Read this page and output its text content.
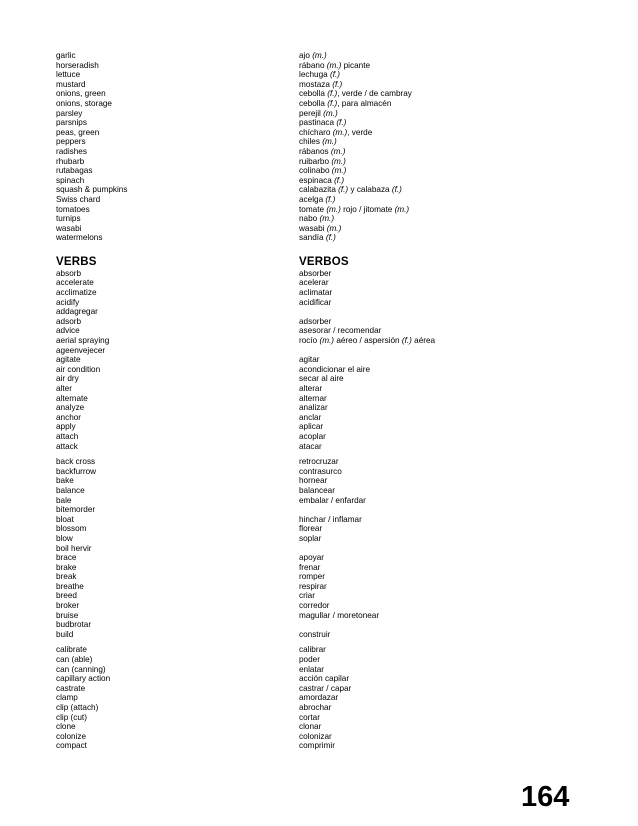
garlic
horseradish
lettuce
mustard
onions, green
onions, storage
parsley
parsnips
peas, green
peppers
radishes
rhubarb
rutabagas
spinach
squash & pumpkins
Swiss chard
tomatoes
turnips
wasabi
watermelons
VERBS
absorb
accelerate
acclimatize
acidify
addagregar
adsorb
advice
aerial spraying
ageenvejecer
agitate
air condition
air dry
alter
alternate
analyze
anchor
apply
attach
attack
back cross
backfurrow
bake
balance
bale
bitemorder
bloat
blossom
blow
boil hervir
brace
brake
break
breathe
breed
broker
bruise
budbrotar
build
calibrate
can (able)
can (canning)
capillary action
castrate
clamp
clip (attach)
clip (cut)
clone
colonize
compact
ajo (m.)
rábano (m.) picante
lechuga (f.)
mostaza (f.)
cebolla (f.), verde / de cambray
cebolla (f.), para almacén
perejil (m.)
pastinaca (f.)
chícharo (m.), verde
chiles (m.)
rábanos (m.)
ruibarbo (m.)
colinabo (m.)
espinaca (f.)
calabazita (f.) y calabaza (f.)
acelga (f.)
tomate (m.) rojo / jitomate (m.)
nabo (m.)
wasabi (m.)
sandía (f.)
VERBOS
absorber
acelerar
aclimatar
acidificar
adsorber
asesorar / recomendar
rocío (m.) aéreo / aspersión (f.) aérea
agitar
acondicionar el aire
secar al aire
alterar
alternar
analizar
anclar
aplicar
acoplar
atacar
retrocruzar
contrasurco
hornear
balancear
embalar / enfardar
hinchar / inflamar
florear
soplar
apoyar
frenar
romper
respirar
criar
corredor
magullar / moretonear
construir
calibrar
poder
enlatar
acción capilar
castrar / capar
amordazar
abrochar
cortar
clonar
colonizar
comprimir
164
